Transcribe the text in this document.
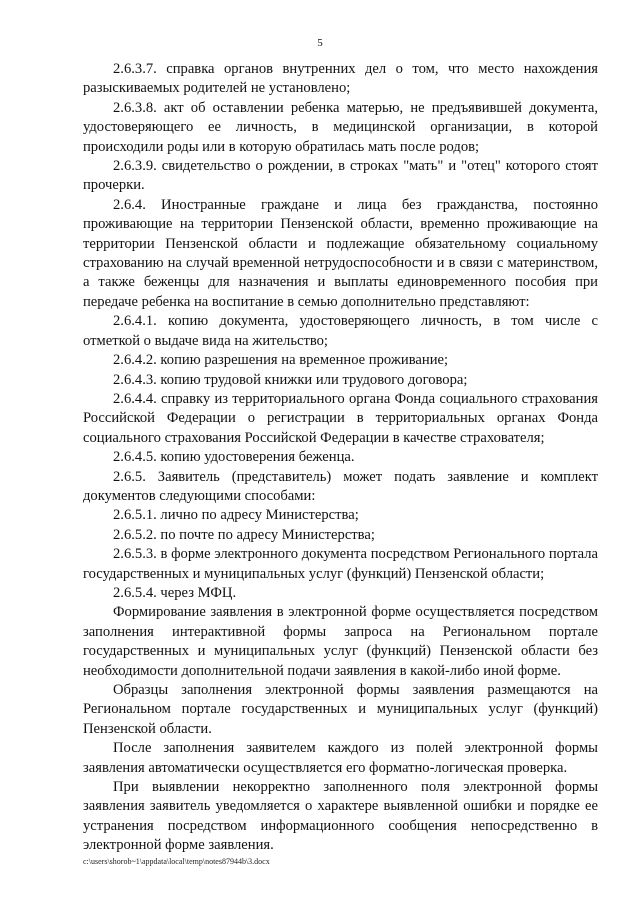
5

2.6.3.7. справка органов внутренних дел о том, что место нахождения разыскиваемых родителей не установлено;

2.6.3.8. акт об оставлении ребенка матерью, не предъявившей документа, удостоверяющего ее личность, в медицинской организации, в которой происходили роды или в которую обратилась мать после родов;

2.6.3.9. свидетельство о рождении, в строках "мать" и "отец" которого стоят прочерки.

2.6.4. Иностранные граждане и лица без гражданства, постоянно проживающие на территории Пензенской области, временно проживающие на территории Пензенской области и подлежащие обязательному социальному страхованию на случай временной нетрудоспособности и в связи с материнством, а также беженцы для назначения и выплаты единовременного пособия при передаче ребенка на воспитание в семью дополнительно представляют:

2.6.4.1. копию документа, удостоверяющего личность, в том числе с отметкой о выдаче вида на жительство;

2.6.4.2. копию разрешения на временное проживание;

2.6.4.3. копию трудовой книжки или трудового договора;

2.6.4.4. справку из территориального органа Фонда социального страхования Российской Федерации о регистрации в территориальных органах Фонда социального страхования Российской Федерации в качестве страхователя;

2.6.4.5. копию удостоверения беженца.

2.6.5. Заявитель (представитель) может подать заявление и комплект документов следующими способами:

2.6.5.1. лично по адресу Министерства;

2.6.5.2. по почте по адресу Министерства;

2.6.5.3. в форме электронного документа посредством Регионального портала государственных и муниципальных услуг (функций) Пензенской области;

2.6.5.4. через МФЦ.

Формирование заявления в электронной форме осуществляется посредством заполнения интерактивной формы запроса на Региональном портале государственных и муниципальных услуг (функций) Пензенской области без необходимости дополнительной подачи заявления в какой-либо иной форме.

Образцы заполнения электронной формы заявления размещаются на Региональном портале государственных и муниципальных услуг (функций) Пензенской области.

После заполнения заявителем каждого из полей электронной формы заявления автоматически осуществляется его форматно-логическая проверка.

При выявлении некорректно заполненного поля электронной формы заявления заявитель уведомляется о характере выявленной ошибки и порядке ее устранения посредством информационного сообщения непосредственно в электронной форме заявления.

c:\users\shorob~1\appdata\local\temp\notes87944b\3.docx
